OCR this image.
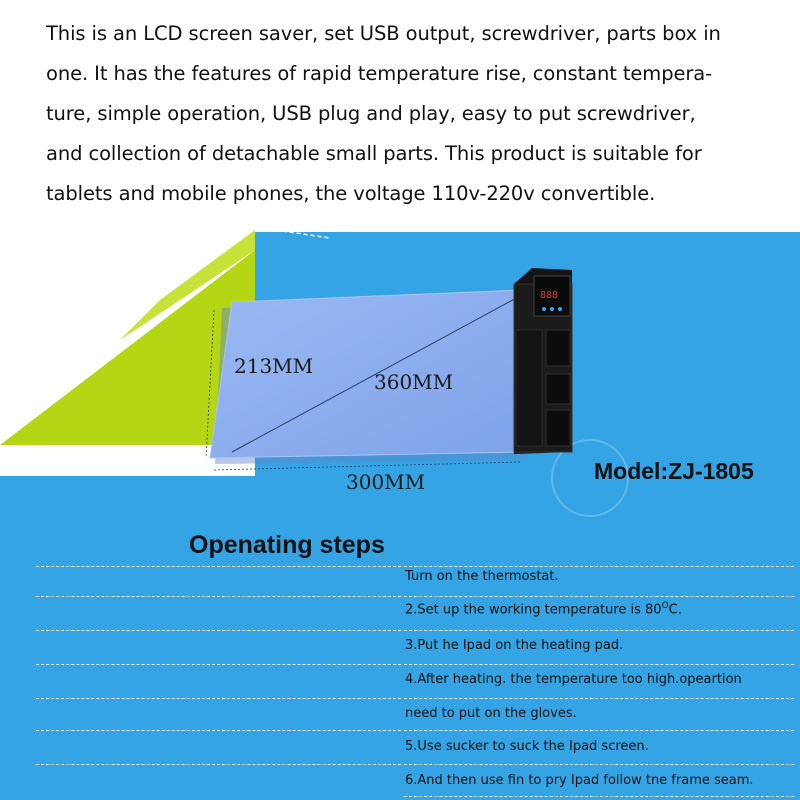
888
This is an LCD screen saver, set USB output, screwdriver, parts box in
one. It has the features of rapid temperature rise, constant tempera-
ture, simple operation, USB plug and play, easy to put screwdriver,
and collection of detachable small parts. This product is suitable for
tablets and mobile phones, the voltage 110v-220v convertible.
213MM
360MM
300MM	Model:ZJ-1805
Openating steps
Turn on the thermostat.
2.Set up the working temperature is $80^OC$.
3.Put he Ipad on the heating pad.
4.After heating. the temperature too high.opeartion
need to put on the gloves.
5.Use sucker to suck the Ipad screen.
6.And then use fin to pry Ipad follow tne frame seam.
